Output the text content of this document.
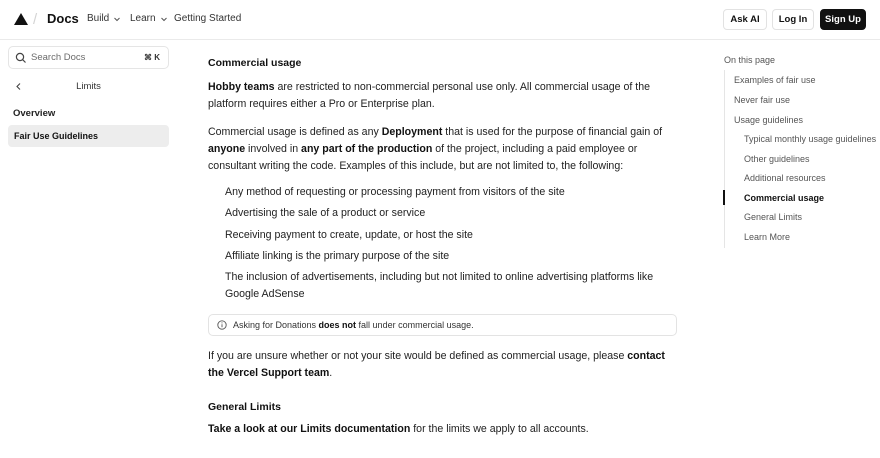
/ Docs Build Learn Getting Started	Ask AI	Log In	Sign Up
Search Docs	⌘ K
Limits
Overview
Fair Use Guidelines
Commercial usage

Hobby teams are restricted to non-commercial personal use only. All commercial usage of the platform requires either a Pro or Enterprise plan.

Commercial usage is defined as any Deployment that is used for the purpose of financial gain of anyone involved in any part of the production of the project, including a paid employee or consultant writing the code. Examples of this include, but are not limited to, the following:

Any method of requesting or processing payment from visitors of the site
Advertising the sale of a product or service
Receiving payment to create, update, or host the site
Affiliate linking is the primary purpose of the site
The inclusion of advertisements, including but not limited to online advertising platforms like Google AdSense
Asking for Donations does not fall under commercial usage.

If you are unsure whether or not your site would be defined as commercial usage, please contact the Vercel Support team.

General Limits

Take a look at our Limits documentation for the limits we apply to all accounts.

On this page
Examples of fair use
Never fair use
Usage guidelines
Typical monthly usage guidelines
Other guidelines
Additional resources
Commercial usage
General Limits
Learn More
